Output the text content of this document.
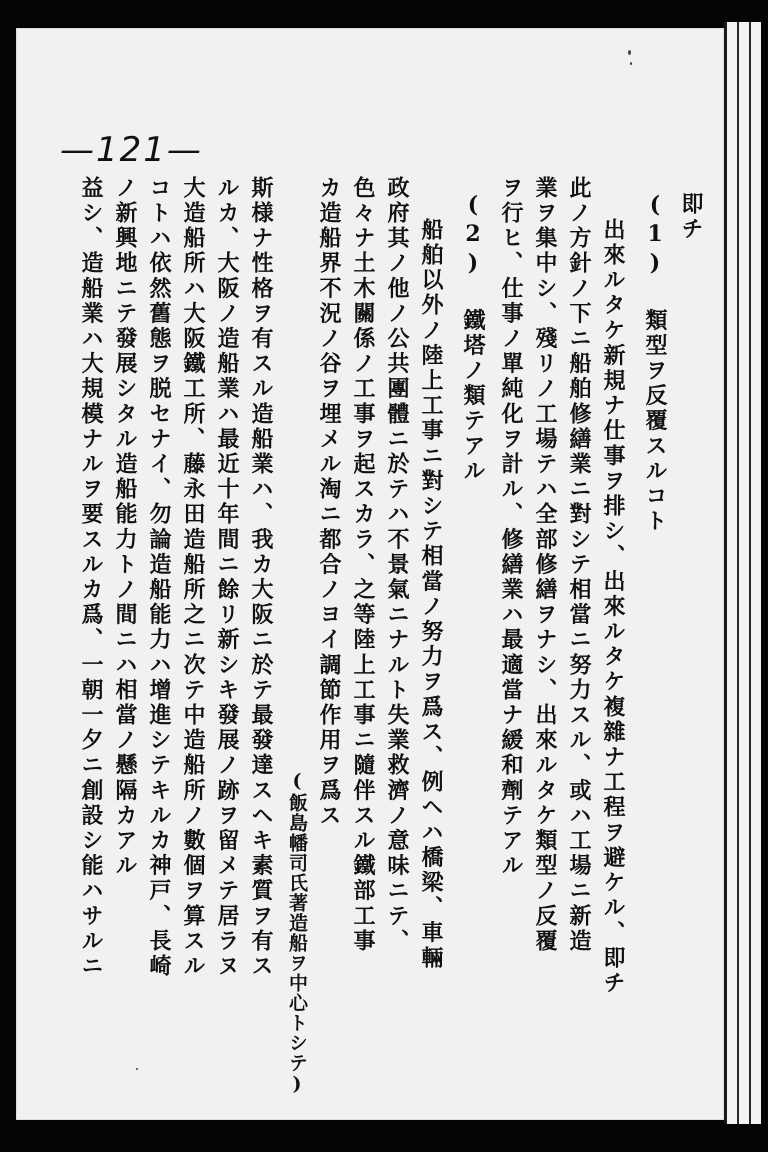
—121—
即チ
(1) 類型ヲ反覆スルコト
出來ルタケ新規ナ仕事ヲ排シ、出來ルタケ複雜ナ工程ヲ避ケル、即チ
此ノ方針ノ下ニ船舶修繕業ニ對シテ相當ニ努力スル、或ハ工場ニ新造
業ヲ集中シ、殘リノ工場テハ全部修繕ヲナシ、出來ルタケ類型ノ反覆
ヲ行ヒ、仕事ノ單純化ヲ計ル、修繕業ハ最適當ナ緩和劑テアル
(2) 鐵塔ノ類テアル
船舶以外ノ陸上工事ニ對シテ相當ノ努力ヲ爲ス、例ヘハ橋梁、車輛
政府其ノ他ノ公共團體ニ於テハ不景氣ニナルト失業救濟ノ意味ニテ、
色々ナ土木關係ノ工事ヲ起スカラ、之等陸上工事ニ隨伴スル鐵部工事
カ造船界不況ノ谷ヲ埋メル淘ニ都合ノヨイ調節作用ヲ爲ス
(飯島幡司氏著造船ヲ中心トシテ)
斯様ナ性格ヲ有スル造船業ハ、我カ大阪ニ於テ最發達スヘキ素質ヲ有ス
ルカ、大阪ノ造船業ハ最近十年間ニ餘リ新シキ發展ノ跡ヲ留メテ居ラヌ
大造船所ハ大阪鐵工所、藤永田造船所之ニ次テ中造船所ノ數個ヲ算スル
コトハ依然舊態ヲ脱セナイ、勿論造船能力ハ增進シテキルカ神戸、長崎
ノ新興地ニテ發展シタル造船能力トノ間ニハ相當ノ懸隔カアル
益シ、造船業ハ大規模ナルヲ要スルカ爲、一朝一夕ニ創設シ能ハサルニ
